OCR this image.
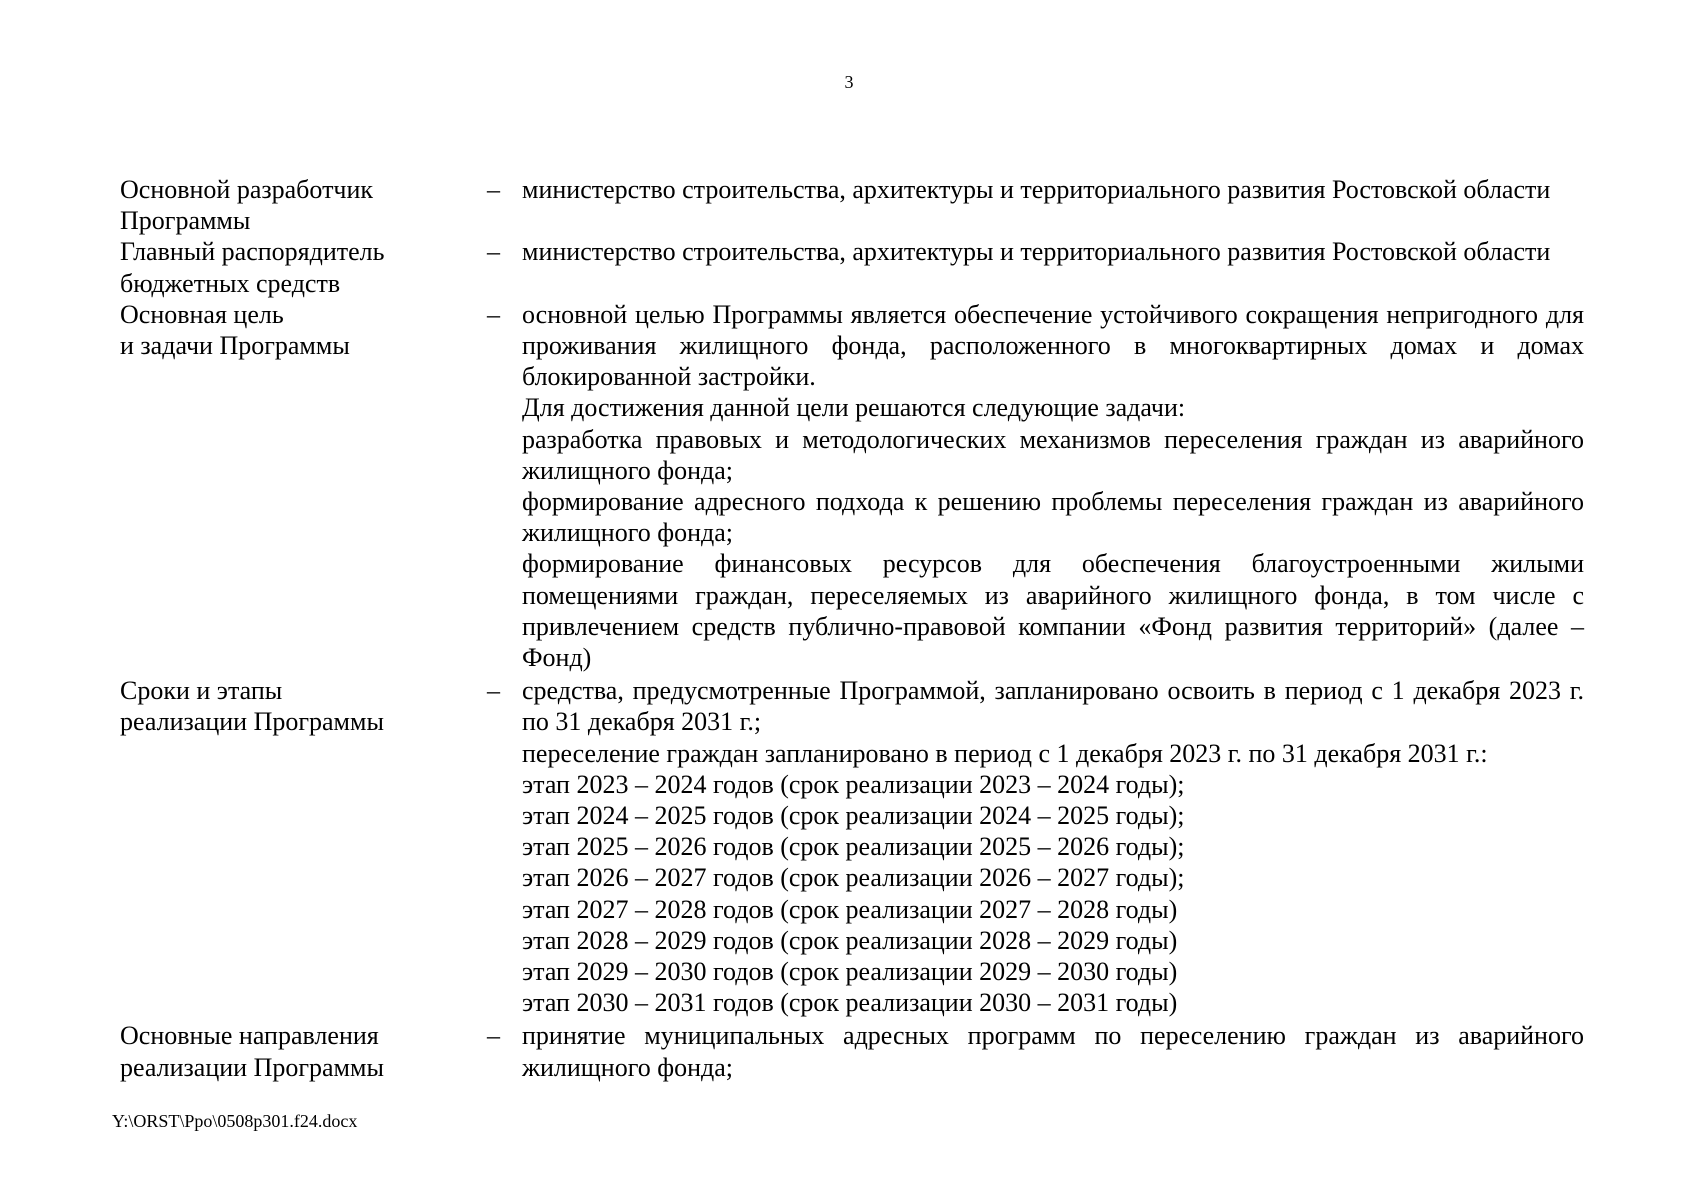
3
Основной разработчик
Программы
– министерство строительства, архитектуры и территориального развития Ростовской области

Главный распорядитель
бюджетных средств
– министерство строительства, архитектуры и территориального развития Ростовской области

Основная цель
и задачи Программы
– основной целью Программы является обеспечение устойчивого сокращения непригодного для проживания жилищного фонда, расположенного в многоквартирных домах и домах блокированной застройки.

Для достижения данной цели решаются следующие задачи:

разработка правовых и методологических механизмов переселения граждан из аварийного жилищного фонда;

формирование адресного подхода к решению проблемы переселения граждан из аварийного жилищного фонда;

формирование финансовых ресурсов для обеспечения благоустроенными жилыми помещениями граждан, переселяемых из аварийного жилищного фонда, в том числе с привлечением средств публично-правовой компании «Фонд развития территорий» (далее – Фонд)

Сроки и этапы
реализации Программы
– средства, предусмотренные Программой, запланировано освоить в период с 1 декабря 2023 г. по 31 декабря 2031 г.;

переселение граждан запланировано в период с 1 декабря 2023 г. по 31 декабря 2031 г.:

этап 2023 – 2024 годов (срок реализации 2023 – 2024 годы);

этап 2024 – 2025 годов (срок реализации 2024 – 2025 годы);

этап 2025 – 2026 годов (срок реализации 2025 – 2026 годы);

этап 2026 – 2027 годов (срок реализации 2026 – 2027 годы);

этап 2027 – 2028 годов (срок реализации 2027 – 2028 годы)

этап 2028 – 2029 годов (срок реализации 2028 – 2029 годы)

этап 2029 – 2030 годов (срок реализации 2029 – 2030 годы)

этап 2030 – 2031 годов (срок реализации 2030 – 2031 годы)

Основные направления
реализации Программы
– принятие муниципальных адресных программ по переселению граждан из аварийного жилищного фонда;

Y:\ORST\Ppo\0508p301.f24.docx
